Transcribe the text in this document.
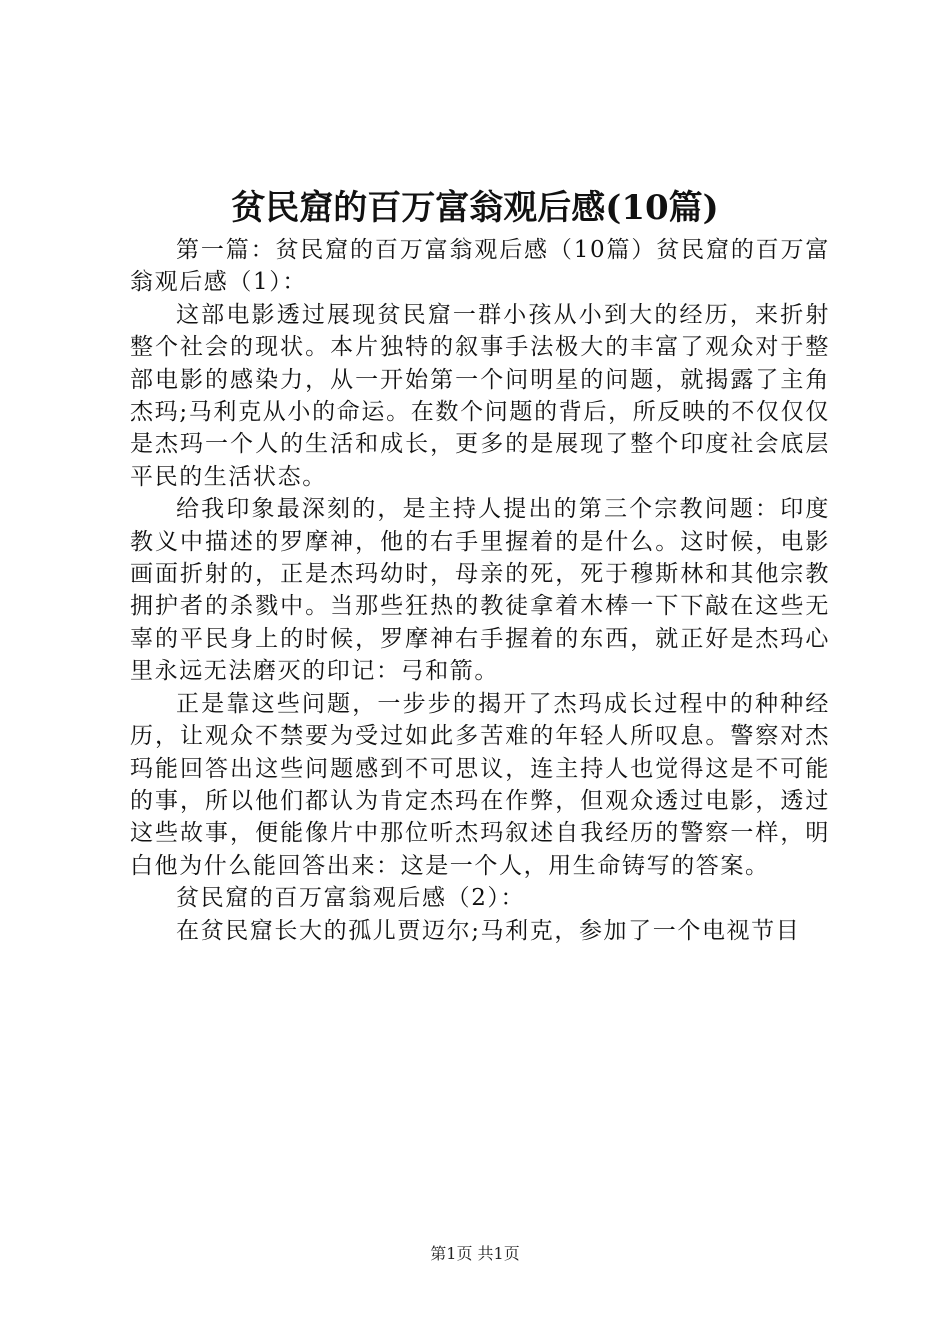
贫民窟的百万富翁观后感(10篇)

第一篇：贫民窟的百万富翁观后感（10篇）贫民窟的百万富翁观后感（1）：

这部电影透过展现贫民窟一群小孩从小到大的经历，来折射整个社会的现状。本片独特的叙事手法极大的丰富了观众对于整部电影的感染力，从一开始第一个问明星的问题，就揭露了主角杰玛;马利克从小的命运。在数个问题的背后，所反映的不仅仅仅是杰玛一个人的生活和成长，更多的是展现了整个印度社会底层平民的生活状态。

给我印象最深刻的，是主持人提出的第三个宗教问题：印度教义中描述的罗摩神，他的右手里握着的是什么。这时候，电影画面折射的，正是杰玛幼时，母亲的死，死于穆斯林和其他宗教拥护者的杀戮中。当那些狂热的教徒拿着木棒一下下敲在这些无辜的平民身上的时候，罗摩神右手握着的东西，就正好是杰玛心里永远无法磨灭的印记：弓和箭。

正是靠这些问题，一步步的揭开了杰玛成长过程中的种种经历，让观众不禁要为受过如此多苦难的年轻人所叹息。警察对杰玛能回答出这些问题感到不可思议，连主持人也觉得这是不可能的事，所以他们都认为肯定杰玛在作弊，但观众透过电影，透过这些故事，便能像片中那位听杰玛叙述自我经历的警察一样，明白他为什么能回答出来：这是一个人，用生命铸写的答案。

贫民窟的百万富翁观后感（2）：

在贫民窟长大的孤儿贾迈尔;马利克，参加了一个电视节目

第1页 共1页
